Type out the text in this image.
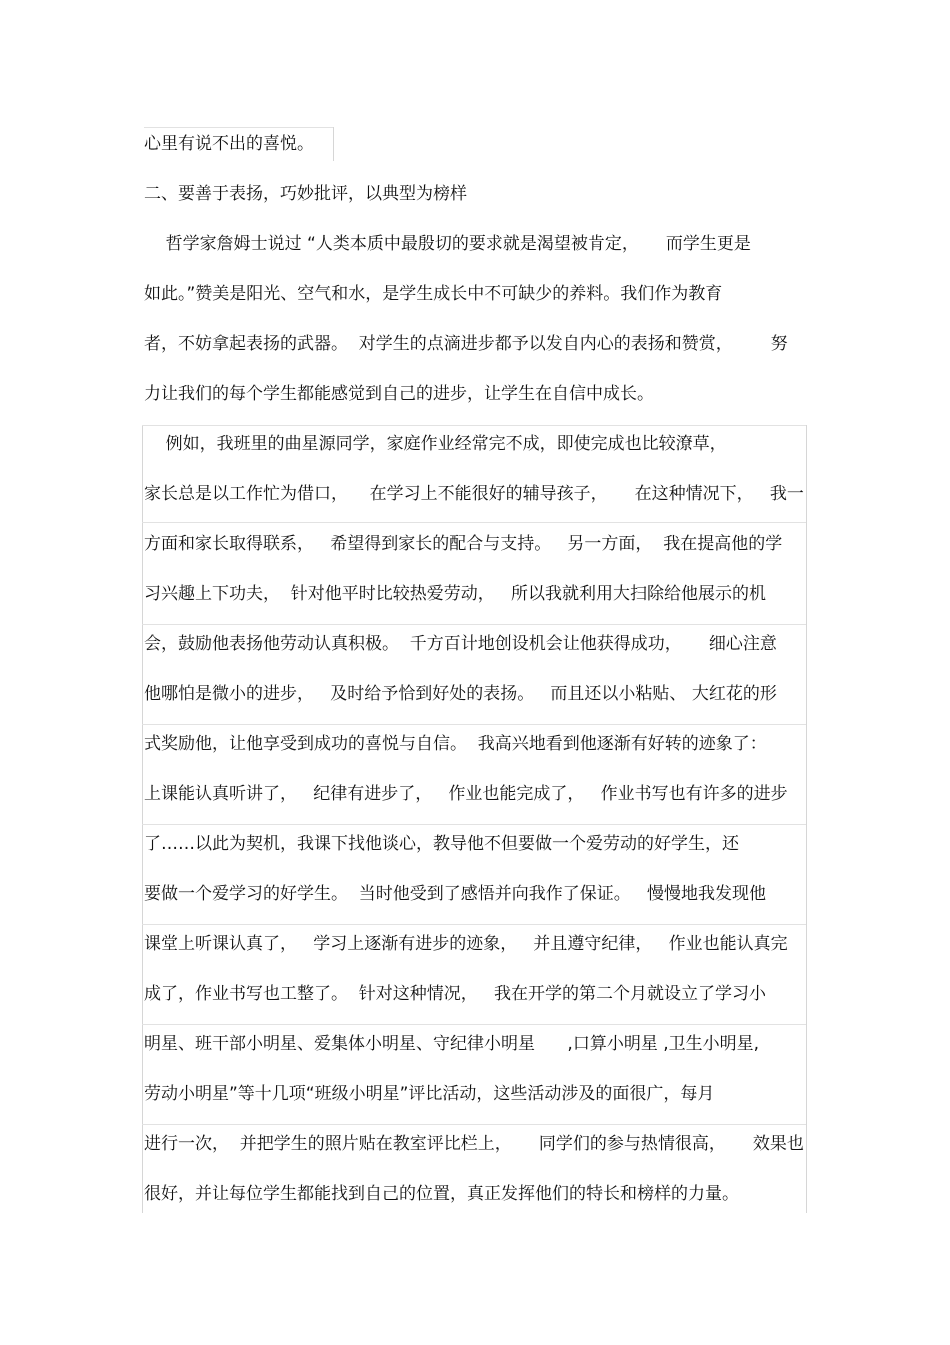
心里有说不出的喜悦。

二、要善于表扬，巧妙批评，以典型为榜样

哲学家詹姆士说过 “人类本质中最殷切的要求就是渴望被肯定，     而学生更是

如此。”赞美是阳光、空气和水，是学生成长中不可缺少的养料。我们作为教育

者，不妨拿起表扬的武器。  对学生的点滴进步都予以发自内心的表扬和赞赏，       努

力让我们的每个学生都能感觉到自己的进步，让学生在自信中成长。

例如，我班里的曲星源同学，家庭作业经常完不成，即使完成也比较潦草，

家长总是以工作忙为借口，    在学习上不能很好的辅导孩子，     在这种情况下，   我一

方面和家长取得联系，   希望得到家长的配合与支持。   另一方面，  我在提高他的学

习兴趣上下功夫，  针对他平时比较热爱劳动，   所以我就利用大扫除给他展示的机

会，鼓励他表扬他劳动认真积极。  千方百计地创设机会让他获得成功，     细心注意

他哪怕是微小的进步，   及时给予恰到好处的表扬。   而且还以小粘贴、 大红花的形

式奖励他，让他享受到成功的喜悦与自信。  我高兴地看到他逐渐有好转的迹象了：

上课能认真听讲了，   纪律有进步了，   作业也能完成了，   作业书写也有许多的进步

了……以此为契机，我课下找他谈心，教导他不但要做一个爱劳动的好学生，还

要做一个爱学习的好学生。  当时他受到了感悟并向我作了保证。   慢慢地我发现他

课堂上听课认真了，   学习上逐渐有进步的迹象，   并且遵守纪律，   作业也能认真完

成了，作业书写也工整了。  针对这种情况，   我在开学的第二个月就设立了学习小

明星、班干部小明星、爱集体小明星、守纪律小明星      ,口算小明星 ,卫生小明星,

劳动小明星”等十几项“班级小明星”评比活动，这些活动涉及的面很广，每月

进行一次，  并把学生的照片贴在教室评比栏上，     同学们的参与热情很高，     效果也

很好，并让每位学生都能找到自己的位置，真正发挥他们的特长和榜样的力量。
